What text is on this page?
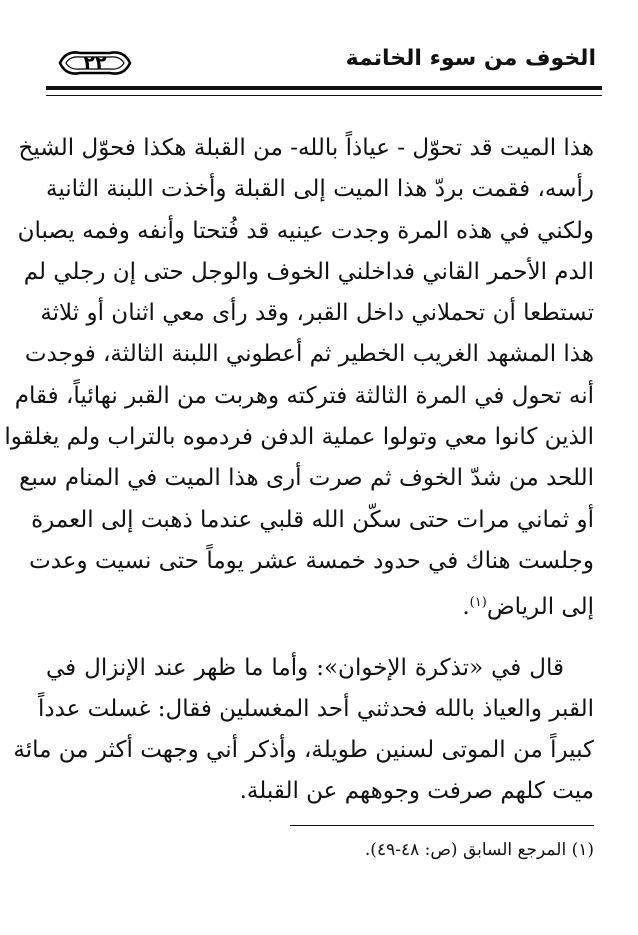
٢٢	الخوف من سوء الخاتمة
هذا الميت قد تحوّل - عياذاً بالله- من القبلة هكذا فحوّل الشيخ
رأسه، فقمت بردّ هذا الميت إلى القبلة وأخذت اللبنة الثانية
ولكني في هذه المرة وجدت عينيه قد فُتحتا وأنفه وفمه يصبان
الدم الأحمر القاني فداخلني الخوف والوجل حتى إن رجلي لم
تستطعا أن تحملاني داخل القبر، وقد رأى معي اثنان أو ثلاثة
هذا المشهد الغريب الخطير ثم أعطوني اللبنة الثالثة، فوجدت
أنه تحول في المرة الثالثة فتركته وهربت من القبر نهائياً، فقام
الذين كانوا معي وتولوا عملية الدفن فردموه بالتراب ولم يغلقوا
اللحد من شدّ الخوف ثم صرت أرى هذا الميت في المنام سبع
أو ثماني مرات حتى سكّن الله قلبي عندما ذهبت إلى العمرة
وجلست هناك في حدود خمسة عشر يوماً حتى نسيت وعدت
إلى الرياض$^{(١)}$.
قال في «تذكرة الإخوان»: وأما ما ظهر عند الإنزال في
القبر والعياذ بالله فحدثني أحد المغسلين فقال: غسلت عدداً
كبيراً من الموتى لسنين طويلة، وأذكر أني وجهت أكثر من مائة
ميت كلهم صرفت وجوههم عن القبلة.
(١) المرجع السابق (ص: ٤٨-٤٩).
